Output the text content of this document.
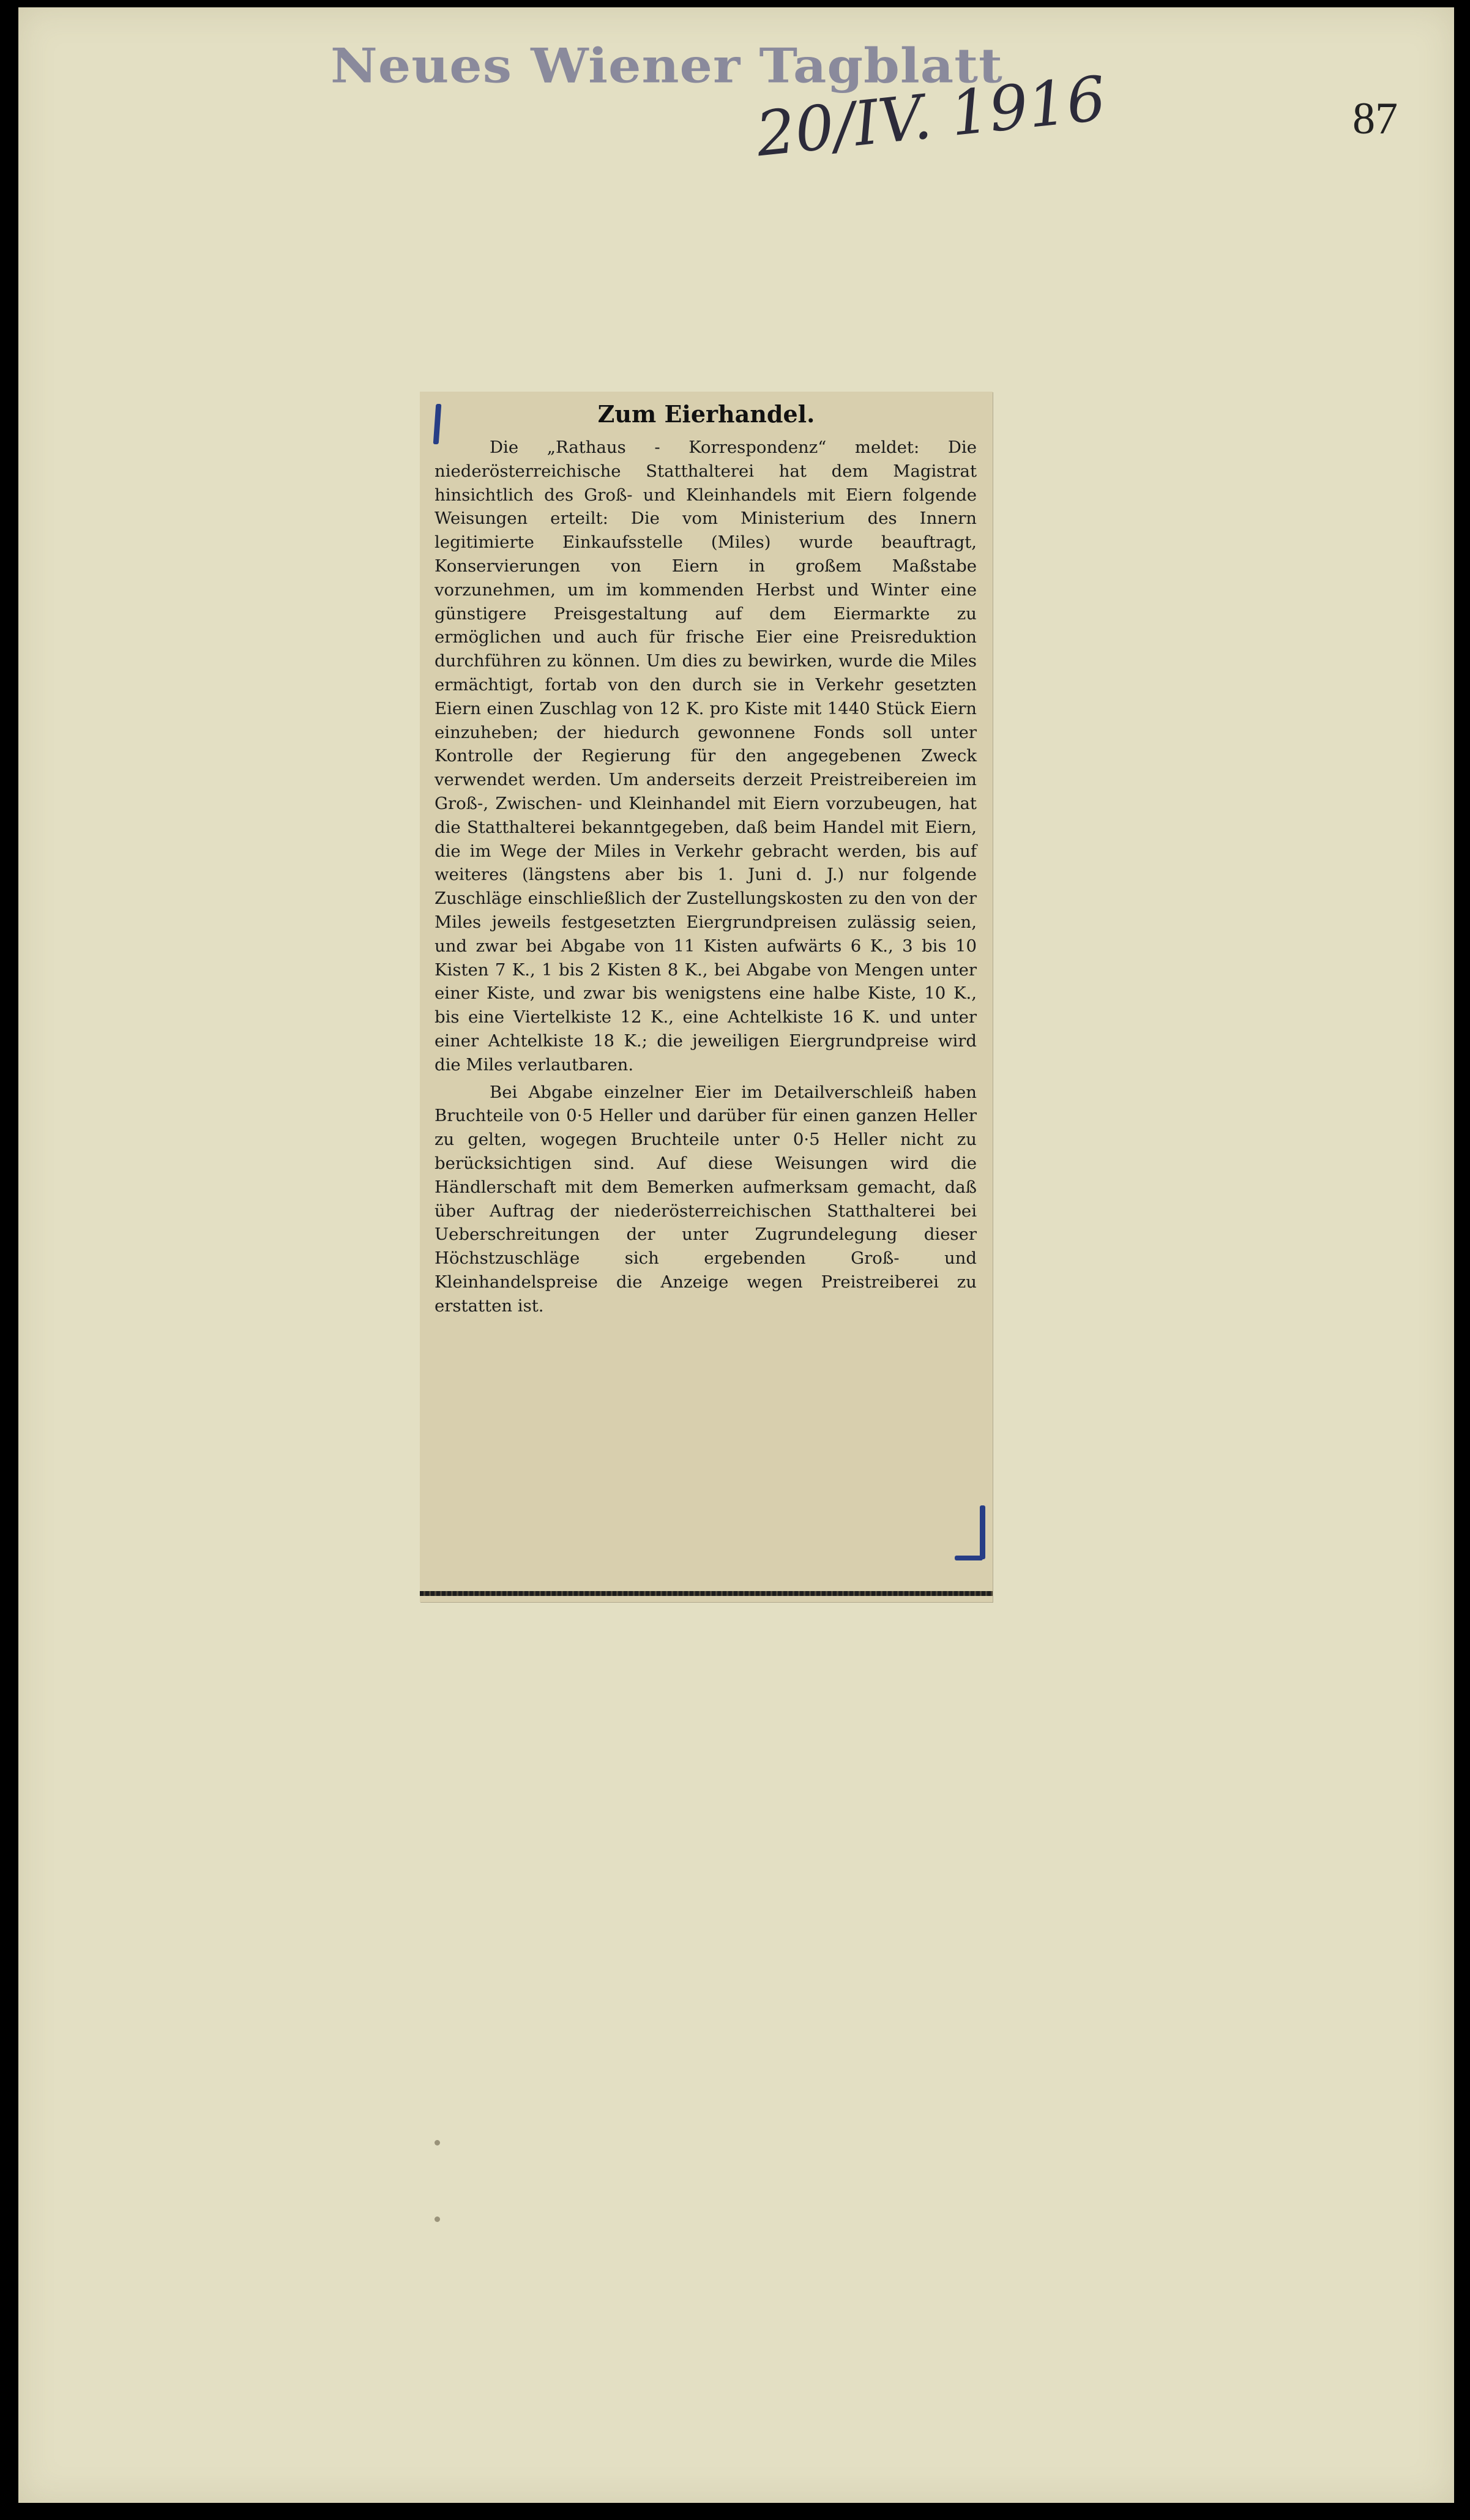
Neues Wiener Tagblatt
20/IV. 1916	87
Zum Eierhandel.

Die „Rathaus - Korrespondenz“ meldet: Die niederösterreichische Statthalterei hat dem Magistrat hinsichtlich des Groß- und Kleinhandels mit Eiern folgende Weisungen erteilt: Die vom Ministerium des Innern legitimierte Einkaufsstelle (Miles) wurde beauftragt, Konservierungen von Eiern in großem Maßstabe vorzunehmen, um im kommenden Herbst und Winter eine günstigere Preisgestaltung auf dem Eiermarkte zu ermöglichen und auch für frische Eier eine Preisreduktion durchführen zu können. Um dies zu bewirken, wurde die Miles ermächtigt, fortab von den durch sie in Verkehr gesetzten Eiern einen Zuschlag von 12 K. pro Kiste mit 1440 Stück Eiern einzuheben; der hiedurch gewonnene Fonds soll unter Kontrolle der Regierung für den angegebenen Zweck verwendet werden. Um anderseits derzeit Preistreibereien im Groß-, Zwischen- und Kleinhandel mit Eiern vorzubeugen, hat die Statthalterei bekanntgegeben, daß beim Handel mit Eiern, die im Wege der Miles in Verkehr gebracht werden, bis auf weiteres (längstens aber bis 1. Juni d. J.) nur folgende Zuschläge einschließlich der Zustellungskosten zu den von der Miles jeweils festgesetzten Eiergrundpreisen zulässig seien, und zwar bei Abgabe von 11 Kisten aufwärts 6 K., 3 bis 10 Kisten 7 K., 1 bis 2 Kisten 8 K., bei Abgabe von Mengen unter einer Kiste, und zwar bis wenigstens eine halbe Kiste, 10 K., bis eine Viertelkiste 12 K., eine Achtelkiste 16 K. und unter einer Achtelkiste 18 K.; die jeweiligen Eiergrundpreise wird die Miles verlautbaren.

Bei Abgabe einzelner Eier im Detailverschleiß haben Bruchteile von 0·5 Heller und darüber für einen ganzen Heller zu gelten, wogegen Bruchteile unter 0·5 Heller nicht zu berücksichtigen sind. Auf diese Weisungen wird die Händlerschaft mit dem Bemerken aufmerksam gemacht, daß über Auftrag der niederösterreichischen Statthalterei bei Ueberschreitungen der unter Zugrundelegung dieser Höchstzuschläge sich ergebenden Groß- und Kleinhandelspreise die Anzeige wegen Preistreiberei zu erstatten ist.
